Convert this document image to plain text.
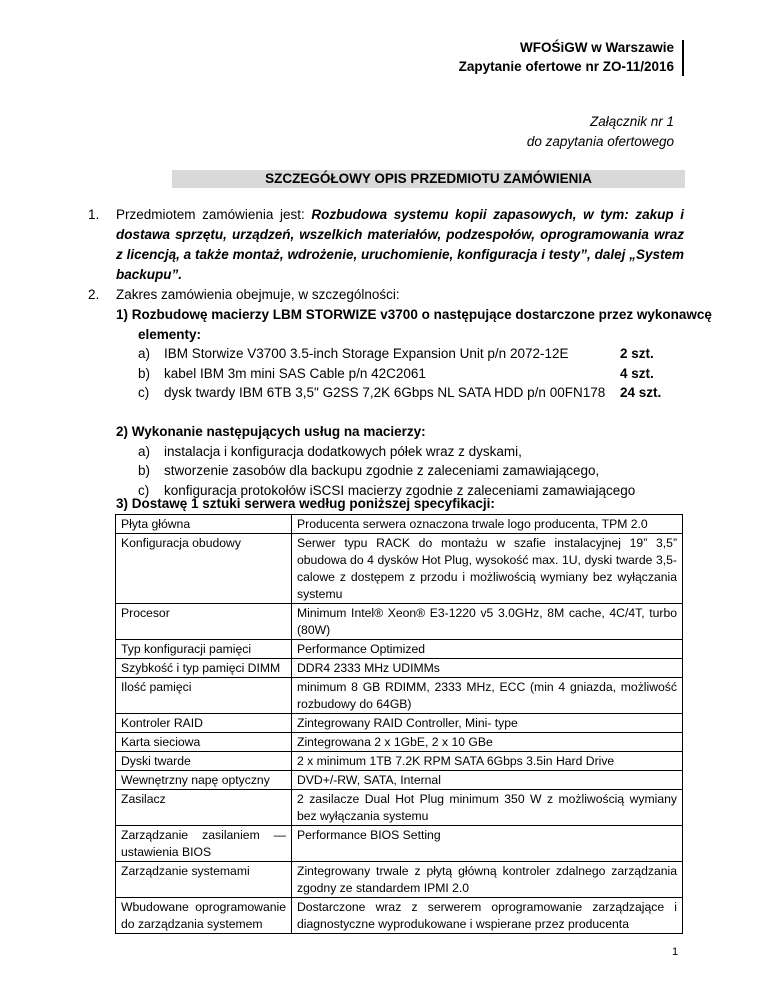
WFOŚiGW w Warszawie
Zapytanie ofertowe nr ZO-11/2016
Załącznik nr 1
do zapytania ofertowego
SZCZEGÓŁOWY OPIS PRZEDMIOTU ZAMÓWIENIA
1. Przedmiotem zamówienia jest: Rozbudowa systemu kopii zapasowych, w tym: zakup i dostawa sprzętu, urządzeń, wszelkich materiałów, podzespołów, oprogramowania wraz z licencją, a także montaż, wdrożenie, uruchomienie, konfiguracja i testy”, dalej „System backupu”.
2. Zakres zamówienia obejmuje, w szczególności:
1) Rozbudowę macierzy LBM STORWIZE v3700 o następujące dostarczone przez wykonawcę
elementy:
a) IBM Storwize V3700 3.5-inch Storage Expansion Unit p/n 2072-12E	2 szt.
b) kabel IBM 3m mini SAS Cable p/n 42C2061	4 szt.
c) dysk twardy IBM 6TB 3,5" G2SS 7,2K 6Gbps NL SATA HDD p/n 00FN178 24 szt.
2) Wykonanie następujących usług na macierzy:
a) instalacja i konfiguracja dodatkowych półek wraz z dyskami,
b) stworzenie zasobów dla backupu zgodnie z zaleceniami zamawiającego,
c) konfiguracja protokołów iSCSI macierzy zgodnie z zaleceniami zamawiającego
3) Dostawę 1 sztuki serwera według poniższej specyfikacji:
Płyta główna	Producenta serwera oznaczona trwale logo producenta, TPM 2.0
Konfiguracja obudowy	Serwer typu RACK do montażu w szafie instalacyjnej 19” 3,5” obudowa do 4 dysków Hot Plug, wysokość max. 1U, dyski twarde 3,5-calowe z dostępem z przodu i możliwością wymiany bez wyłączania systemu
Procesor	Minimum Intel® Xeon® E3-1220 v5 3.0GHz, 8M cache, 4C/4T, turbo (80W)
Typ konfiguracji pamięci	Performance Optimized
Szybkość i typ pamięci DIMM	DDR4 2333 MHz UDIMMs
Ilość pamięci	minimum 8 GB RDIMM, 2333 MHz, ECC (min 4 gniazda, możliwość rozbudowy do 64GB)
Kontroler RAID	Zintegrowany RAID Controller, Mini- type
Karta sieciowa	Zintegrowana 2 x 1GbE, 2 x 10 GBe
Dyski twarde	2 x minimum 1TB 7.2K RPM SATA 6Gbps 3.5in Hard Drive
Wewnętrzny napę optyczny	DVD+/-RW, SATA, Internal
Zasilacz	2 zasilacze Dual Hot Plug minimum 350 W z możliwością wymiany bez wyłączania systemu
Zarządzanie zasilaniem — ustawienia BIOS	Performance BIOS Setting
Zarządzanie systemami	Zintegrowany trwale z płytą główną kontroler zdalnego zarządzania zgodny ze standardem IPMI 2.0
Wbudowane oprogramowanie do zarządzania systemem	Dostarczone wraz z serwerem oprogramowanie zarządzające i diagnostyczne wyprodukowane i wspierane przez producenta
1
